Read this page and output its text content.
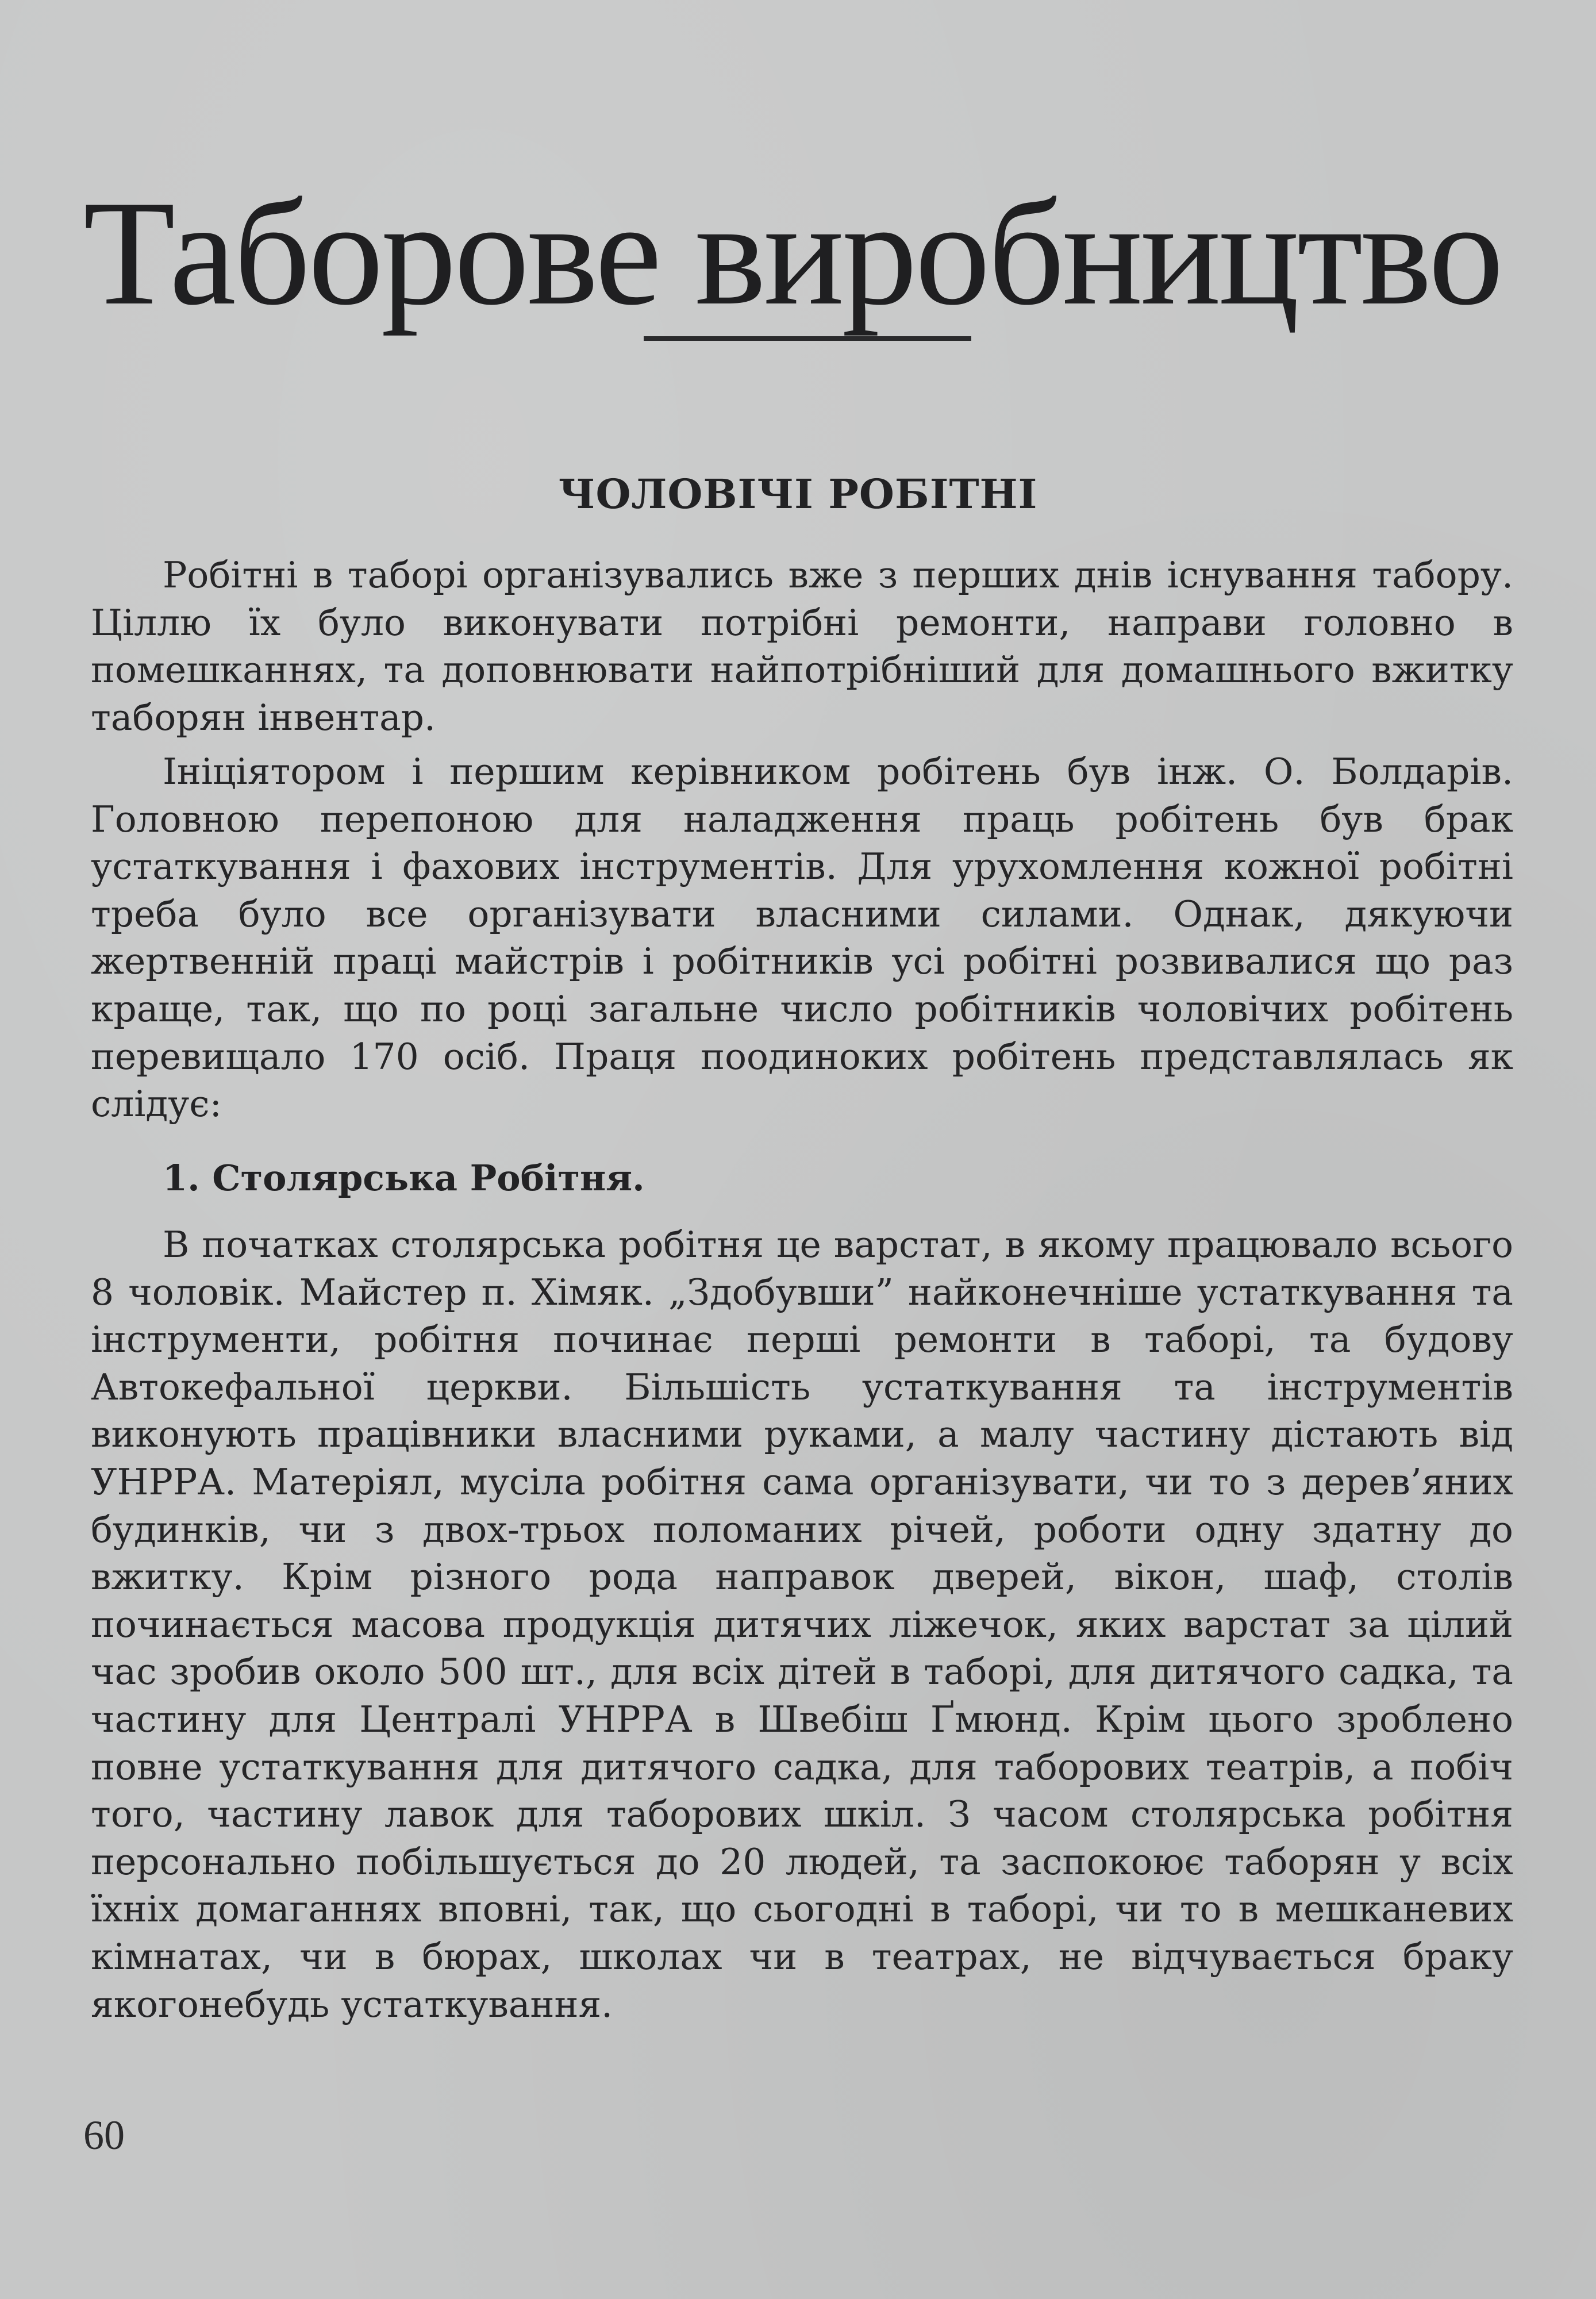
Таборове виробництво
ЧОЛОВІЧІ РОБІТНІ

Робітні в таборі організувались вже з перших днів існування табору. Ціллю їх було виконувати потрібні ремонти, направи головно в помешканнях, та доповнювати найпотрібніший для домашнього вжитку таборян інвентар.

Ініціятором і першим керівником робітень був інж. О. Болдарів. Головною перепоною для наладження праць робітень був брак устаткування і фахових інструментів. Для урухомлення кожної робітні треба було все організувати власними силами. Однак, дякуючи жертвенній праці майстрів і робітників усі робітні розвивалися що раз краще, так, що по році загальне число робітників чоловічих робітень перевищало 170 осіб. Праця поодиноких робітень представлялась як слідує:

1. Столярська Робітня.

В початках столярська робітня це варстат, в якому працювало всього 8 чоловік. Майстер п. Хімяк. „Здобувши” найконечніше устаткування та інструменти, робітня починає перші ремонти в таборі, та будову Автокефальної церкви. Більшість устаткування та інструментів виконують працівники власними руками, а малу частину дістають від УНРРА. Матеріял, мусіла робітня сама організувати, чи то з дерев’яних будинків, чи з двох-трьох поломаних річей, роботи одну здатну до вжитку. Крім різного рода направок дверей, вікон, шаф, столів починається масова продукція дитячих ліжечок, яких варстат за цілий час зробив около 500 шт., для всіх дітей в таборі, для дитячого садка, та частину для Централі УНРРА в Швебіш Ґмюнд. Крім цього зроблено повне устаткування для дитячого садка, для таборових театрів, а побіч того, частину лавок для таборових шкіл. З часом столярська робітня персонально побільшується до 20 людей, та заспокоює таборян у всіх їхніх домаганнях вповні, так, що сьогодні в таборі, чи то в мешканевих кімнатах, чи в бюрах, школах чи в театрах, не відчувається браку якогонебудь устаткування.

60
